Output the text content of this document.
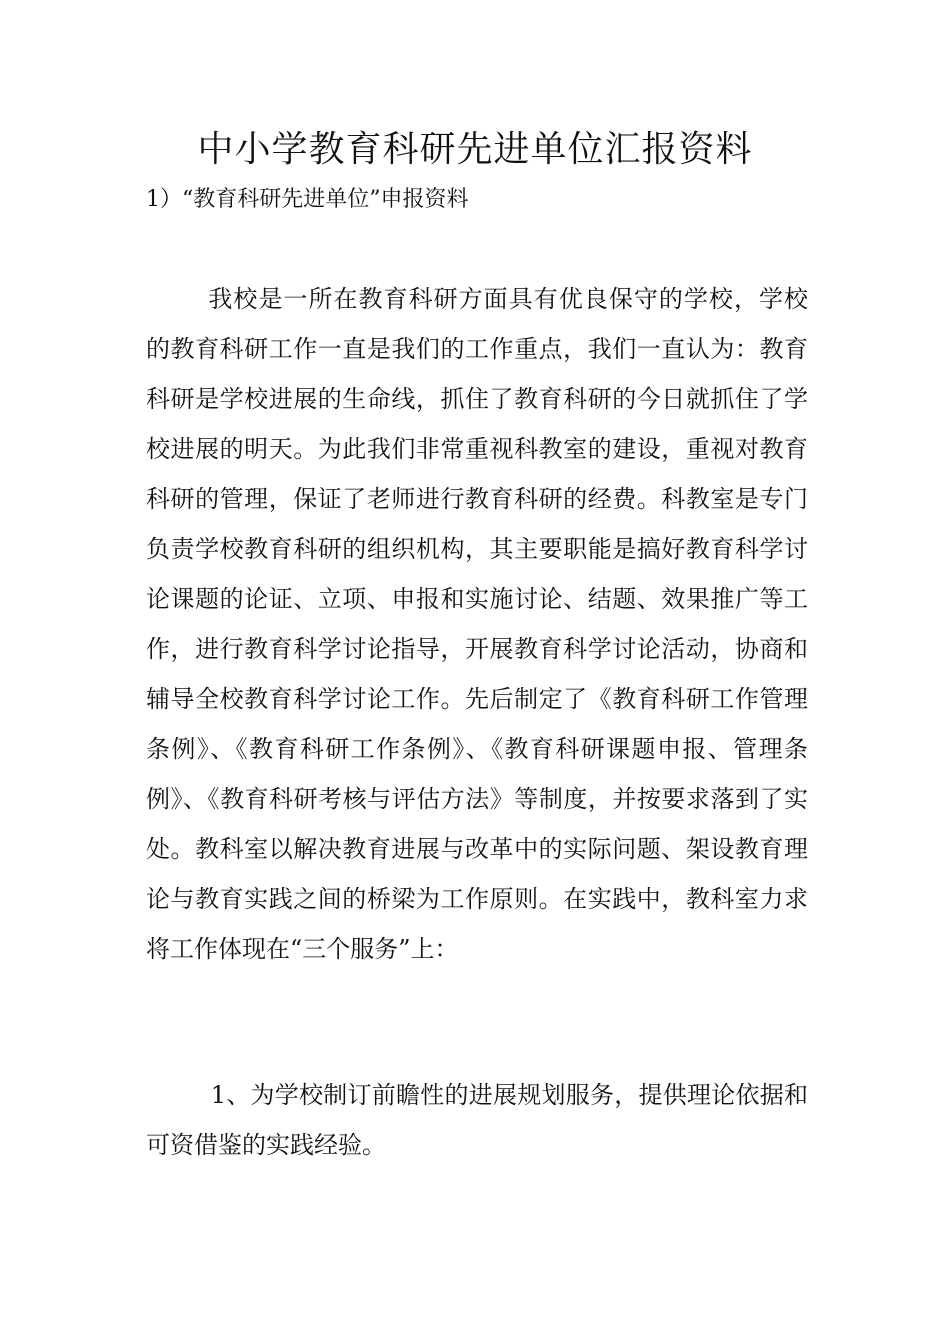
中小学教育科研先进单位汇报资料

1）“教育科研先进单位”申报资料

我校是一所在教育科研方面具有优良保守的学校，学校的教育科研工作一直是我们的工作重点，我们一直认为：教育科研是学校进展的生命线，抓住了教育科研的今日就抓住了学校进展的明天。为此我们非常重视科教室的建设，重视对教育科研的管理，保证了老师进行教育科研的经费。科教室是专门负责学校教育科研的组织机构，其主要职能是搞好教育科学讨论课题的论证、立项、申报和实施讨论、结题、效果推广等工作，进行教育科学讨论指导，开展教育科学讨论活动，协商和辅导全校教育科学讨论工作。先后制定了《教育科研工作管理条例》、《教育科研工作条例》、《教育科研课题申报、管理条例》、《教育科研考核与评估方法》等制度，并按要求落到了实处。教科室以解决教育进展与改革中的实际问题、架设教育理论与教育实践之间的桥梁为工作原则。在实践中，教科室力求将工作体现在“三个服务”上：

1、为学校制订前瞻性的进展规划服务，提供理论依据和可资借鉴的实践经验。
